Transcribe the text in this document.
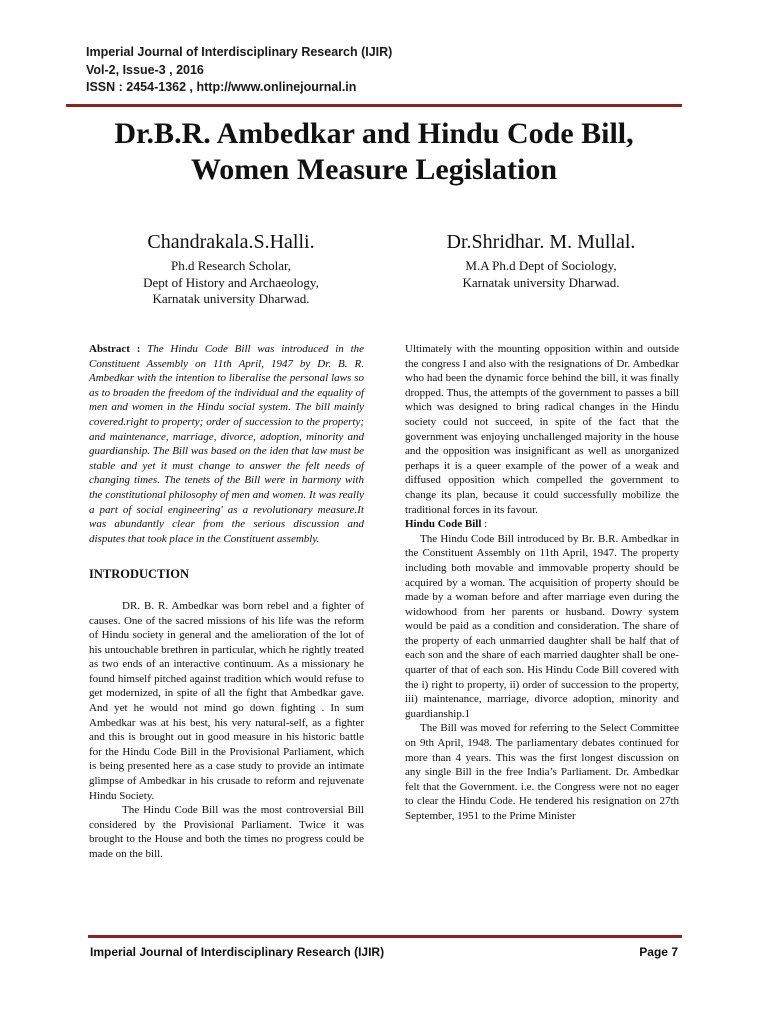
Imperial Journal of Interdisciplinary Research (IJIR)
Vol-2, Issue-3 , 2016
ISSN : 2454-1362 , http://www.onlinejournal.in
Dr.B.R. Ambedkar and Hindu Code Bill,
Women Measure Legislation
Chandrakala.S.Halli.
Ph.d Research Scholar,
Dept of History and Archaeology,
Karnatak university Dharwad.
Dr.Shridhar. M. Mullal.
M.A Ph.d Dept of Sociology,
Karnatak university Dharwad.

Abstract : The Hindu Code Bill was introduced in the Constituent Assembly on 11th April, 1947 by Dr. B. R. Ambedkar with the intention to liberalise the personal laws so as to broaden the freedom of the individual and the equality of men and women in the Hindu social system. The bill mainly covered.right to property; order of succession to the property; and maintenance, marriage, divorce, adoption, minority and guardianship. The Bill was based on the iden that law must be stable and yet it must change to answer the felt needs of changing times. The tenets of the Bill were in harmony with the constitutional philosophy of men and women. It was really a part of social engineering' as a revolutionary measure.It was abundantly clear from the serious discussion and disputes that took place in the Constituent assembly.

INTRODUCTION

DR. B. R. Ambedkar was born rebel and a fighter of causes. One of the sacred missions of his life was the reform of Hindu society in general and the amelioration of the lot of his untouchable brethren in particular, which he rightly treated as two ends of an interactive continuum. As a missionary he found himself pitched against tradition which would refuse to get modernized, in spite of all the fight that Ambedkar gave. And yet he would not mind go down fighting . In sum Ambedkar was at his best, his very natural-self, as a fighter and this is brought out in good measure in his historic battle for the Hindu Code Bill in the Provisional Parliament, which is being presented here as a case study to provide an intimate glimpse of Ambedkar in his crusade to reform and rejuvenate Hindu Society.

The Hindu Code Bill was the most controversial Bill considered by the Provisional Parliament. Twice it was brought to the House and both the times no progress could be made on the bill.

Ultimately with the mounting opposition within and outside the congress I and also with the resignations of Dr. Ambedkar who had been the dynamic force behind the bill, it was finally dropped. Thus, the attempts of the government to passes a bill which was designed to bring radical changes in the Hindu society could not succeed, in spite of the fact that the government was enjoying unchallenged majority in the house and the opposition was insignificant as well as unorganized perhaps it is a queer example of the power of a weak and diffused opposition which compelled the government to change its plan, because it could successfully mobilize the traditional forces in its favour.

Hindu Code Bill :

The Hindu Code Bill introduced by Br. B.R. Ambedkar in the Constituent Assembly on 11th April, 1947. The property including both movable and immovable property should be acquired by a woman. The acquisition of property should be made by a woman before and after marriage even during the widowhood from her parents or husband. Dowry system would be paid as a condition and consideration. The share of the property of each unmarried daughter shall be half that of each son and the share of each married daughter shall be one-quarter of that of each son. His Hindu Code Bill covered with the i) right to property, ii) order of succession to the property, iii) maintenance, marriage, divorce adoption, minority and guardianship.1

The Bill was moved for referring to the Select Committee on 9th April, 1948. The parliamentary debates continued for more than 4 years. This was the first longest discussion on any single Bill in the free India’s Parliament. Dr. Ambedkar felt that the Government. i.e. the Congress were not no eager to clear the Hindu Code. He tendered his resignation on 27th September, 1951 to the Prime Minister

Imperial Journal of Interdisciplinary Research (IJIR)	Page 7
